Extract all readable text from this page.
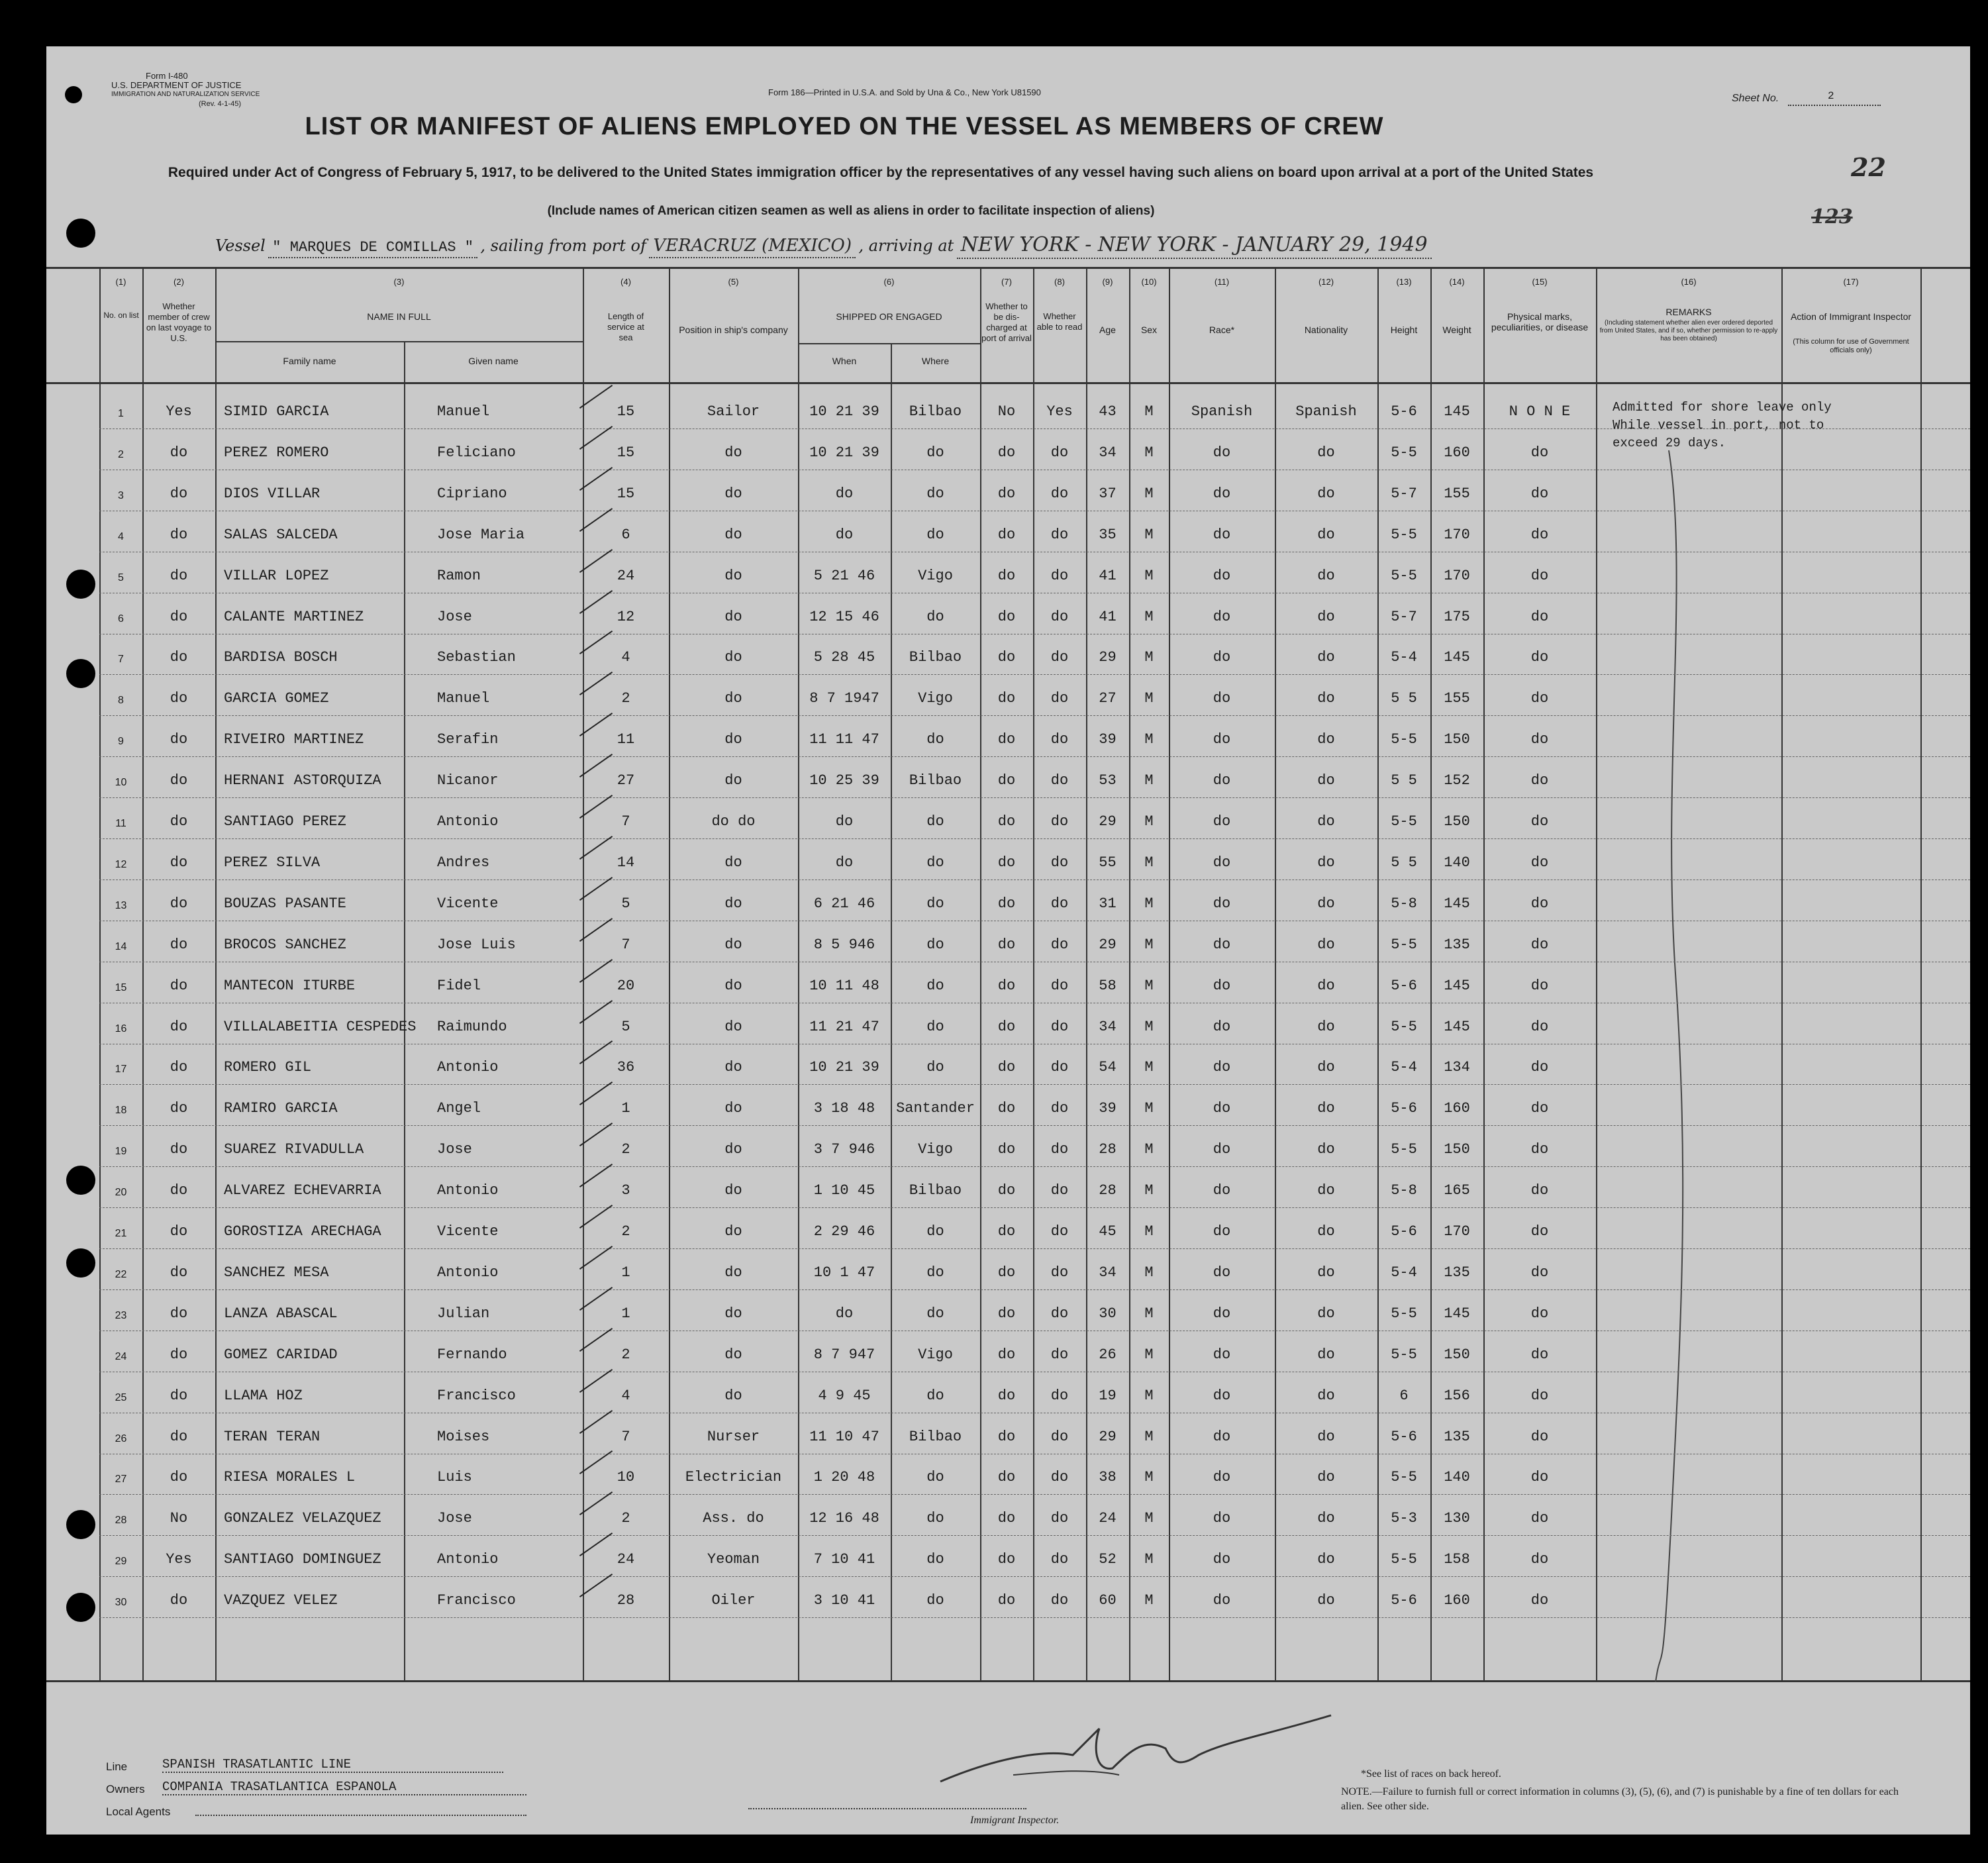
Form I-480
U.S. DEPARTMENT OF JUSTICE
IMMIGRATION AND NATURALIZATION SERVICE
(Rev. 4-1-45)
Form 186—Printed in U.S.A. and Sold by Una & Co., New York U81590
Sheet No.	2
LIST OR MANIFEST OF ALIENS EMPLOYED ON THE VESSEL AS MEMBERS OF CREW
Required under Act of Congress of February 5, 1917, to be delivered to the United States immigration officer by the representatives of any vessel having such aliens on board upon arrival at a port of the United States
(Include names of American citizen seamen as well as aliens in order to facilitate inspection of aliens)
22
123
Vessel " MARQUES DE COMILLAS " , sailing from port of VERACRUZ (MEXICO) , arriving at NEW YORK - NEW YORK - JANUARY 29, 1949
(1)	(2)	(3)	(4)	(5)	(6)	(7)	(8)	(9)	(10)	(11)	(12)	(13)	(14)	(15)	(16)	(17)
No. on list
Whether member of crew on last voyage to U.S.
NAME IN FULL
Family name	Given name
Length of service at sea
Position in ship's company
SHIPPED OR ENGAGED
When	Where
Whether to be dis-charged at port of arrival
Whether able to read	Age	Sex	Race*	Nationality	Height	Weight
Physical marks, peculiarities, or disease
REMARKS
(Including statement whether alien ever ordered deported from United States, and if so, whether permission to re-apply has been obtained)
Action of Immigrant Inspector
(This column for use of Government officials only)
Admitted for shore leave only
While vessel in port, not to
exceed 29 days.
1	Yes	SIMID GARCIA	Manuel	15	Sailor	10 21 39	Bilbao	No	Yes	43	M	Spanish	Spanish	5-6	145	N O N E
2	do	PEREZ ROMERO	Feliciano	15	do	10 21 39	do	do	do	34	M	do	do	5-5	160	do
3	do	DIOS VILLAR	Cipriano	15	do	do	do	do	do	37	M	do	do	5-7	155	do
4	do	SALAS SALCEDA	Jose Maria	6	do	do	do	do	do	35	M	do	do	5-5	170	do
5	do	VILLAR LOPEZ	Ramon	24	do	5 21 46	Vigo	do	do	41	M	do	do	5-5	170	do
6	do	CALANTE MARTINEZ	Jose	12	do	12 15 46	do	do	do	41	M	do	do	5-7	175	do
7	do	BARDISA BOSCH	Sebastian	4	do	5 28 45	Bilbao	do	do	29	M	do	do	5-4	145	do
8	do	GARCIA GOMEZ	Manuel	2	do	8 7 1947	Vigo	do	do	27	M	do	do	5 5	155	do
9	do	RIVEIRO MARTINEZ	Serafin	11	do	11 11 47	do	do	do	39	M	do	do	5-5	150	do
10	do	HERNANI ASTORQUIZA	Nicanor	27	do	10 25 39	Bilbao	do	do	53	M	do	do	5 5	152	do
11	do	SANTIAGO PEREZ	Antonio	7	do do	do	do	do	do	29	M	do	do	5-5	150	do
12	do	PEREZ SILVA	Andres	14	do	do	do	do	do	55	M	do	do	5 5	140	do
13	do	BOUZAS PASANTE	Vicente	5	do	6 21 46	do	do	do	31	M	do	do	5-8	145	do
14	do	BROCOS SANCHEZ	Jose Luis	7	do	8 5 946	do	do	do	29	M	do	do	5-5	135	do
15	do	MANTECON ITURBE	Fidel	20	do	10 11 48	do	do	do	58	M	do	do	5-6	145	do
16	do	VILLALABEITIA CESPEDES	Raimundo	5	do	11 21 47	do	do	do	34	M	do	do	5-5	145	do
17	do	ROMERO GIL	Antonio	36	do	10 21 39	do	do	do	54	M	do	do	5-4	134	do
18	do	RAMIRO GARCIA	Angel	1	do	3 18 48	Santander	do	do	39	M	do	do	5-6	160	do
19	do	SUAREZ RIVADULLA	Jose	2	do	3 7 946	Vigo	do	do	28	M	do	do	5-5	150	do
20	do	ALVAREZ ECHEVARRIA	Antonio	3	do	1 10 45	Bilbao	do	do	28	M	do	do	5-8	165	do
21	do	GOROSTIZA ARECHAGA	Vicente	2	do	2 29 46	do	do	do	45	M	do	do	5-6	170	do
22	do	SANCHEZ MESA	Antonio	1	do	10 1 47	do	do	do	34	M	do	do	5-4	135	do
23	do	LANZA ABASCAL	Julian	1	do	do	do	do	do	30	M	do	do	5-5	145	do
24	do	GOMEZ CARIDAD	Fernando	2	do	8 7 947	Vigo	do	do	26	M	do	do	5-5	150	do
25	do	LLAMA HOZ	Francisco	4	do	4 9 45	do	do	do	19	M	do	do	6	156	do
26	do	TERAN TERAN	Moises	7	Nurser	11 10 47	Bilbao	do	do	29	M	do	do	5-6	135	do
27	do	RIESA MORALES L	Luis	10	Electrician	1 20 48	do	do	do	38	M	do	do	5-5	140	do
28	No	GONZALEZ VELAZQUEZ	Jose	2	Ass. do	12 16 48	do	do	do	24	M	do	do	5-3	130	do
29	Yes	SANTIAGO DOMINGUEZ	Antonio	24	Yeoman	7 10 41	do	do	do	52	M	do	do	5-5	158	do
30	do	VAZQUEZ VELEZ	Francisco	28	Oiler	3 10 41	do	do	do	60	M	do	do	5-6	160	do
Line	SPANISH TRASATLANTIC LINE
Owners COMPANIA TRASATLANTICA ESPANOLA
Local Agents
Immigrant Inspector.
*See list of races on back hereof.
NOTE.—Failure to furnish full or correct information in columns (3), (5), (6), and (7) is punishable by a fine of ten dollars for each alien. See other side.
